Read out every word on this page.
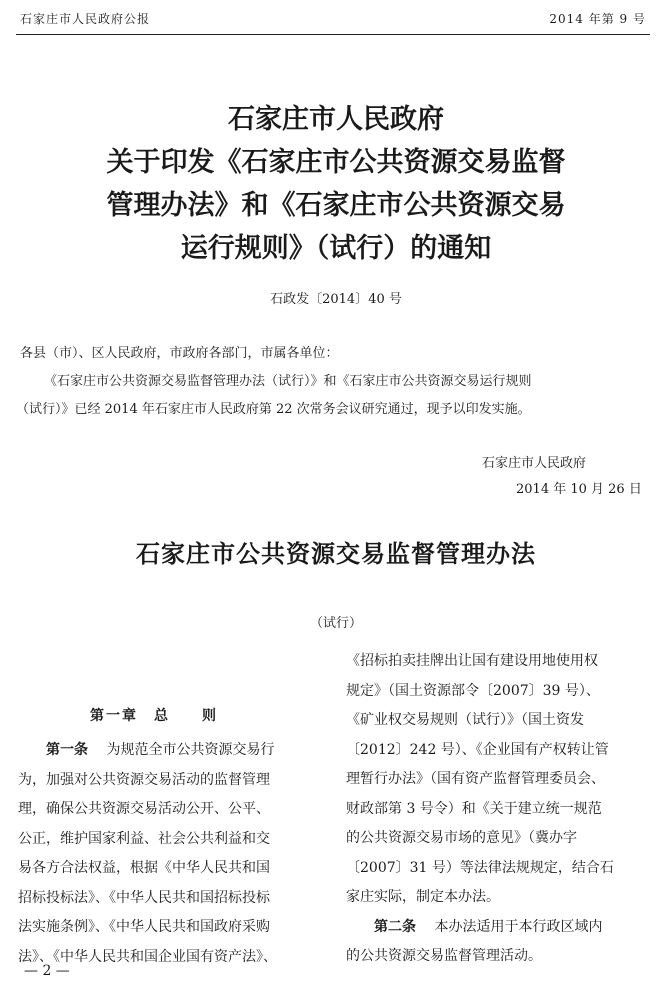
石家庄市人民政府公报	2014 年第 9 号
石家庄市人民政府
关于印发《石家庄市公共资源交易监督
管理办法》和《石家庄市公共资源交易
运行规则》（试行）的通知
石政发〔2014〕40 号
各县（市）、区人民政府，市政府各部门，市属各单位：
《石家庄市公共资源交易监督管理办法（试行）》和《石家庄市公共资源交易运行规则
（试行）》已经 2014 年石家庄市人民政府第 22 次常务会议研究通过，现予以印发实施。
石家庄市人民政府
2014 年 10 月 26 日
石家庄市公共资源交易监督管理办法
（试行）
第一章　总　　则
第一条　 为规范全市公共资源交易行
为，加强对公共资源交易活动的监督管理
理，确保公共资源交易活动公开、公平、
公正，维护国家利益、社会公共利益和交
易各方合法权益，根据《中华人民共和国
招标投标法》、《中华人民共和国招标投标
法实施条例》、《中华人民共和国政府采购
法》、《中华人民共和国企业国有资产法》、
《招标拍卖挂牌出让国有建设用地使用权
规定》（国土资源部令〔2007〕39 号）、
《矿业权交易规则（试行）》（国土资发
〔2012〕242 号）、《企业国有产权转让管
理暂行办法》（国有资产监督管理委员会、
财政部第 3 号令）和《关于建立统一规范
的公共资源交易市场的意见》（冀办字
〔2007〕31 号）等法律法规规定，结合石
家庄实际，制定本办法。
第二条　 本办法适用于本行政区域内
的公共资源交易监督管理活动。
— 2 —
